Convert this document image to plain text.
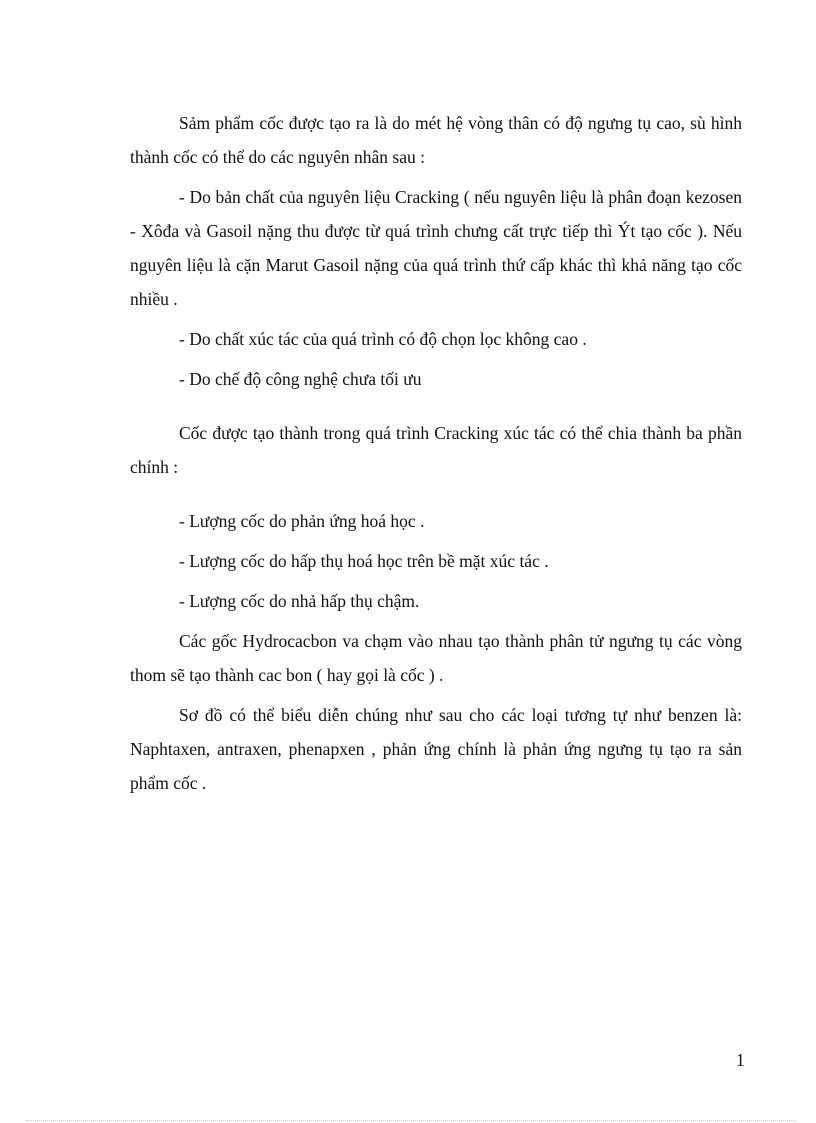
Sảm phẩm cốc được tạo ra là do mét hệ vòng thân có độ ngưng tụ cao, sù hình thành cốc có thể do các nguyên nhân sau :

- Do bản chất của nguyên liệu Cracking ( nếu nguyên liệu là phân đoạn kezosen - Xôđa và Gasoil nặng thu được từ quá trình chưng cất trực tiếp thì Ýt tạo cốc ). Nếu nguyên liệu là cặn Marut Gasoil nặng của quá trình thứ cấp khác thì khả năng tạo cốc nhiều .

- Do chất xúc tác của quá trình có độ chọn lọc không cao .

- Do chế độ công nghệ chưa tối ưu

Cốc được tạo thành trong quá trình Cracking xúc tác có thể chia thành ba phần chính :

- Lượng cốc do phản ứng hoá học .

- Lượng cốc do hấp thụ hoá học trên bề mặt xúc tác .

- Lượng cốc do nhả hấp thụ chậm.

Các gốc Hydrocacbon va chạm vào nhau tạo thành phân tử ngưng tụ các vòng thom sẽ tạo thành cac bon ( hay gọi là cốc ) .

Sơ đồ có thể biểu diễn chúng như sau cho các loại tương tự như benzen là: Naphtaxen, antraxen, phenapxen , phản ứng chính là phản ứng ngưng tụ tạo ra sản phẩm cốc .

1
